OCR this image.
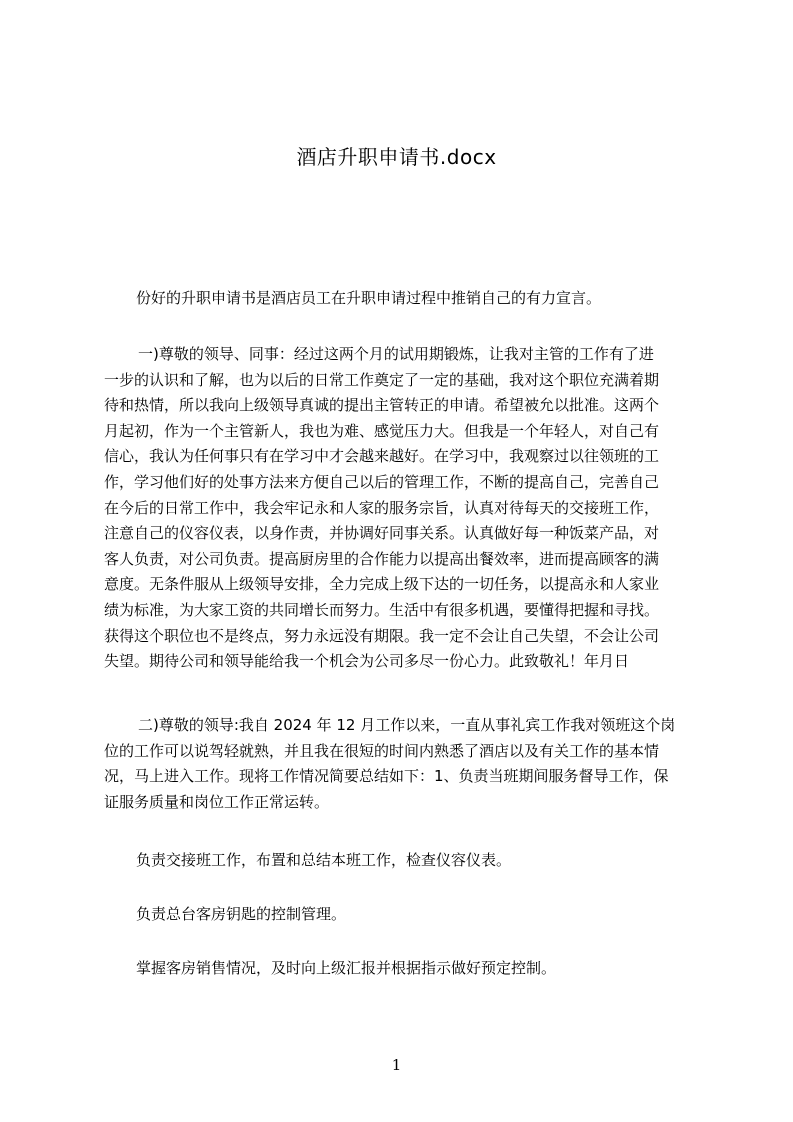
酒店升职申请书.docx
份好的升职申请书是酒店员工在升职申请过程中推销自己的有力宣言。
一)尊敬的领导、同事：经过这两个月的试用期锻炼，让我对主管的工作有了进
一步的认识和了解，也为以后的日常工作奠定了一定的基础，我对这个职位充满着期
待和热情，所以我向上级领导真诚的提出主管转正的申请。希望被允以批准。这两个
月起初，作为一个主管新人，我也为难、感觉压力大。但我是一个年轻人，对自己有
信心，我认为任何事只有在学习中才会越来越好。在学习中，我观察过以往领班的工
作，学习他们好的处事方法来方便自己以后的管理工作，不断的提高自己，完善自己
在今后的日常工作中，我会牢记永和人家的服务宗旨，认真对待每天的交接班工作，
注意自己的仪容仪表，以身作责，并协调好同事关系。认真做好每一种饭菜产品，对
客人负责，对公司负责。提高厨房里的合作能力以提高出餐效率，进而提高顾客的满
意度。无条件服从上级领导安排，全力完成上级下达的一切任务，以提高永和人家业
绩为标准，为大家工资的共同增长而努力。生活中有很多机遇，要懂得把握和寻找。
获得这个职位也不是终点，努力永远没有期限。我一定不会让自己失望，不会让公司
失望。期待公司和领导能给我一个机会为公司多尽一份心力。此致敬礼！年月日
二)尊敬的领导:我自 2024 年 12 月工作以来，一直从事礼宾工作我对领班这个岗
位的工作可以说驾轻就熟，并且我在很短的时间内熟悉了酒店以及有关工作的基本情
况，马上进入工作。现将工作情况简要总结如下：1、负责当班期间服务督导工作，保
证服务质量和岗位工作正常运转。
负责交接班工作，布置和总结本班工作，检查仪容仪表。
负责总台客房钥匙的控制管理。
掌握客房销售情况，及时向上级汇报并根据指示做好预定控制。
1
